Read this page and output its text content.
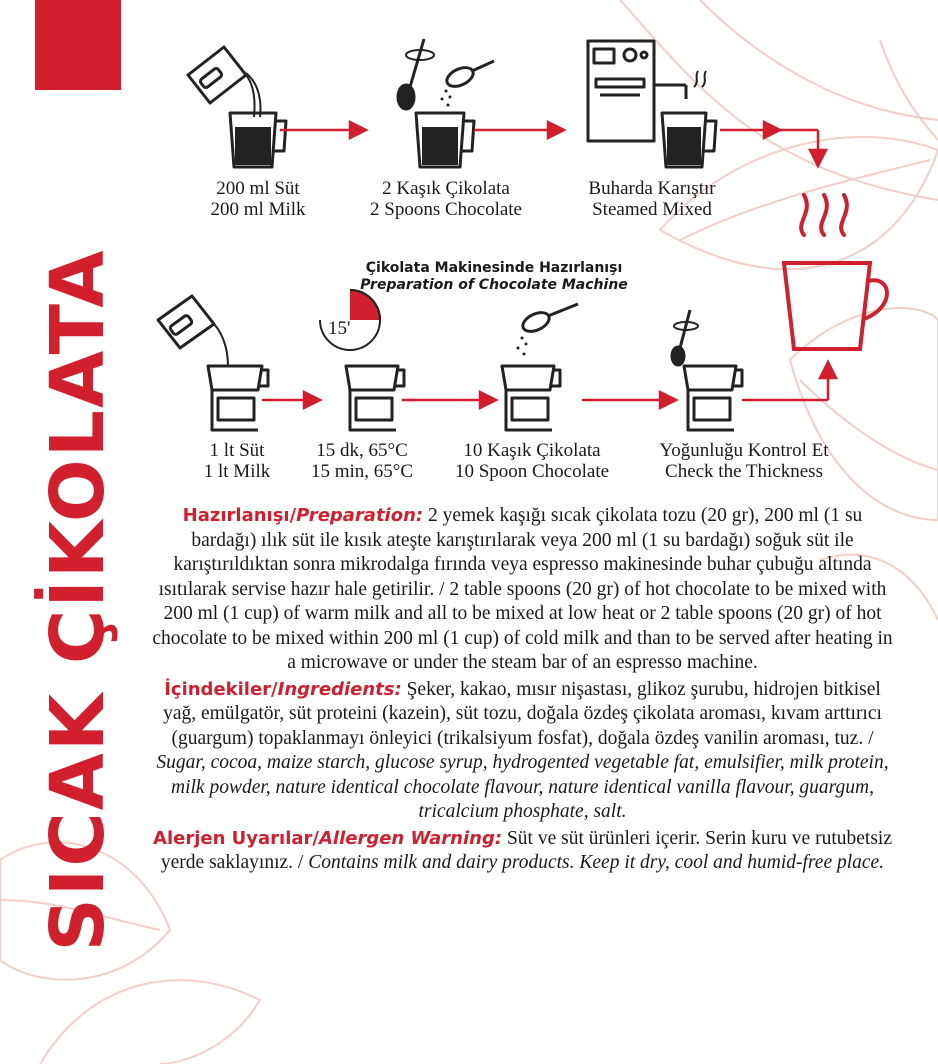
SICAK ÇİKOLATA
200 ml Süt
200 ml Milk
2 Kaşık Çikolata
2 Spoons Chocolate
Buharda Karıştır
Steamed Mixed
Çikolata Makinesinde Hazırlanışı
Preparation of Chocolate Machine
1 lt Süt
1 lt Milk
15'
15 dk, 65°C
15 min, 65°C
10 Kaşık Çikolata
10 Spoon Chocolate
Yoğunluğu Kontrol Et
Check the Thickness

Hazırlanışı/Preparation: 2 yemek kaşığı sıcak çikolata tozu (20 gr), 200 ml (1 su bardağı) ılık süt ile kısık ateşte karıştırılarak veya 200 ml (1 su bardağı) soğuk süt ile karıştırıldıktan sonra mikrodalga fırında veya espresso makinesinde buhar çubuğu altında ısıtılarak servise hazır hale getirilir. / 2 table spoons (20 gr) of hot chocolate to be mixed with 200 ml (1 cup) of warm milk and all to be mixed at low heat or 2 table spoons (20 gr) of hot chocolate to be mixed within 200 ml (1 cup) of cold milk and than to be served after heating in a microwave or under the steam bar of an espresso machine.

İçindekiler/Ingredients: Şeker, kakao, mısır nişastası, glikoz şurubu, hidrojen bitkisel yağ, emülgatör, süt proteini (kazein), süt tozu, doğala özdeş çikolata aroması, kıvam arttırıcı (guargum) topaklanmayı önleyici (trikalsiyum fosfat), doğala özdeş vanilin aroması, tuz. / Sugar, cocoa, maize starch, glucose syrup, hydrogented vegetable fat, emulsifier, milk protein, milk powder, nature identical chocolate flavour, nature identical vanilla flavour, guargum, tricalcium phosphate, salt.

Alerjen Uyarılar/Allergen Warning: Süt ve süt ürünleri içerir. Serin kuru ve rutubetsiz yerde saklayınız. / Contains milk and dairy products. Keep it dry, cool and humid-free place.
